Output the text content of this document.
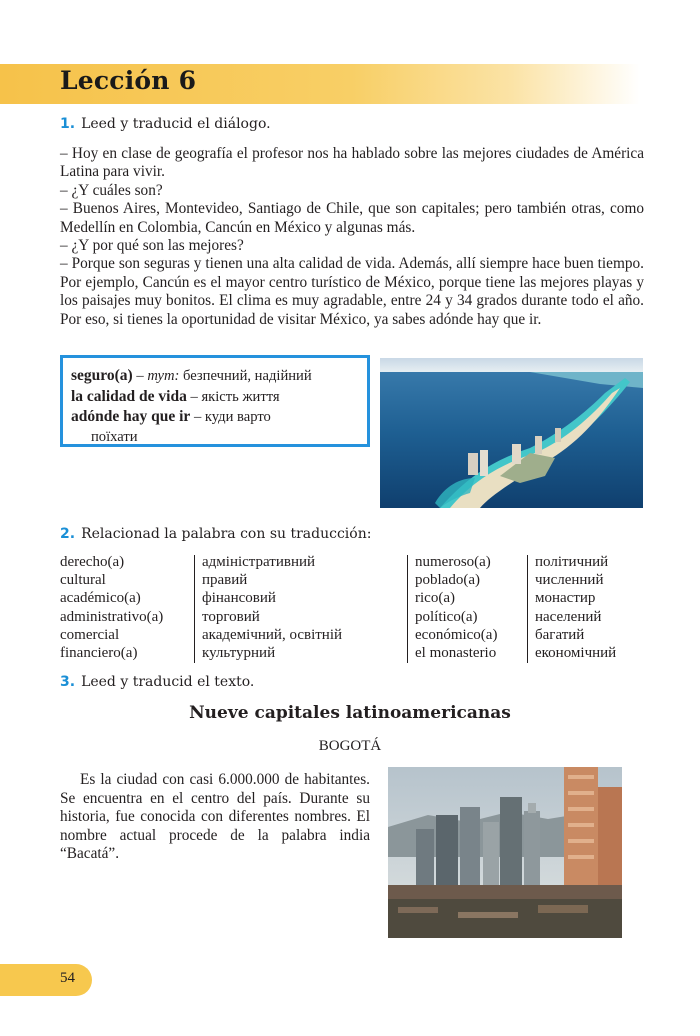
Lección 6
1. Leed y traducid el diálogo.

– Hoy en clase de geografía el profesor nos ha hablado sobre las mejores ciudades de América Latina para vivir.

– ¿Y cuáles son?

– Buenos Aires, Montevideo, Santiago de Chile, que son capitales; pero también otras, como Medellín en Colombia, Cancún en México y algunas más.

– ¿Y por qué son las mejores?

– Porque son seguras y tienen una alta calidad de vida. Además, allí siempre hace buen tiempo. Por ejemplo, Cancún es el mayor centro turístico de México, porque tiene las mejores playas y los paisajes muy bonitos. El clima es muy agradable, entre 24 y 34 grados durante todo el año. Por eso, si tienes la oportunidad de visitar México, ya sabes adónde hay que ir.

seguro(a) – тут: безпечний, надійний
la calidad de vida – якість життя
adónde hay que ir – куди варто
поїхати
2. Relacionad la palabra con su traducción:
derecho(a)
cultural
académico(a)
administrativo(a)
comercial
financiero(a)
адміністративний
правий
фінансовий
торговий
академічний, освітній
культурний
numeroso(a)
poblado(a)
rico(a)
político(a)
económico(a)
el monasterio
політичний
численний
монастир
населений
багатий
економічний
3. Leed y traducid el texto.
Nueve capitales latinoamericanas
BOGOTÁ

Es la ciudad con casi 6.000.000 de habitantes. Se encuentra en el centro del país. Durante su historia, fue conocida con diferentes nombres. El nombre actual procede de la palabra india “Bacatá”.

54
